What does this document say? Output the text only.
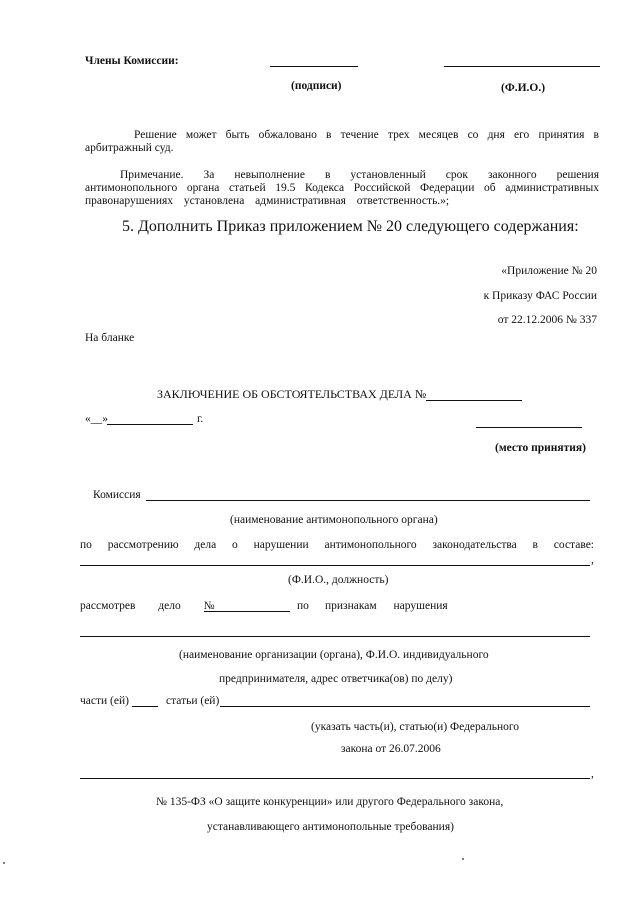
Члены Комиссии:
(подписи)	(Ф.И.О.)
Решение может быть обжаловано в течение трех месяцев со дня его принятия в
арбитражный суд.
Примечание. За невыполнение в установленный срок законного решения
антимонопольного органа статьей 19.5 Кодекса Российской Федерации об административных
правонарушениях установлена административная ответственность.»;
5. Дополнить Приказ приложением № 20 следующего содержания:
«Приложение № 20
к Приказу ФАС России
от 22.12.2006 № 337
На бланке
ЗАКЛЮЧЕНИЕ ОБ ОБСТОЯТЕЛЬСТВАХ ДЕЛА №
«__»	г.
(место принятия)
Комиссия
(наименование антимонопольного органа)
по рассмотрению дела о нарушении антимонопольного законодательства в составе:
,
(Ф.И.О., должность)
рассмотрев дело №	по признакам нарушения
(наименование организации (органа), Ф.И.О. индивидуального
предпринимателя, адрес ответчика(ов) по делу)
части (ей)	статьи (ей)
(указать часть(и), статью(и) Федерального
закона от 26.07.2006
,
№ 135-ФЗ «О защите конкуренции» или другого Федерального закона,
устанавливающего антимонопольные требования)
